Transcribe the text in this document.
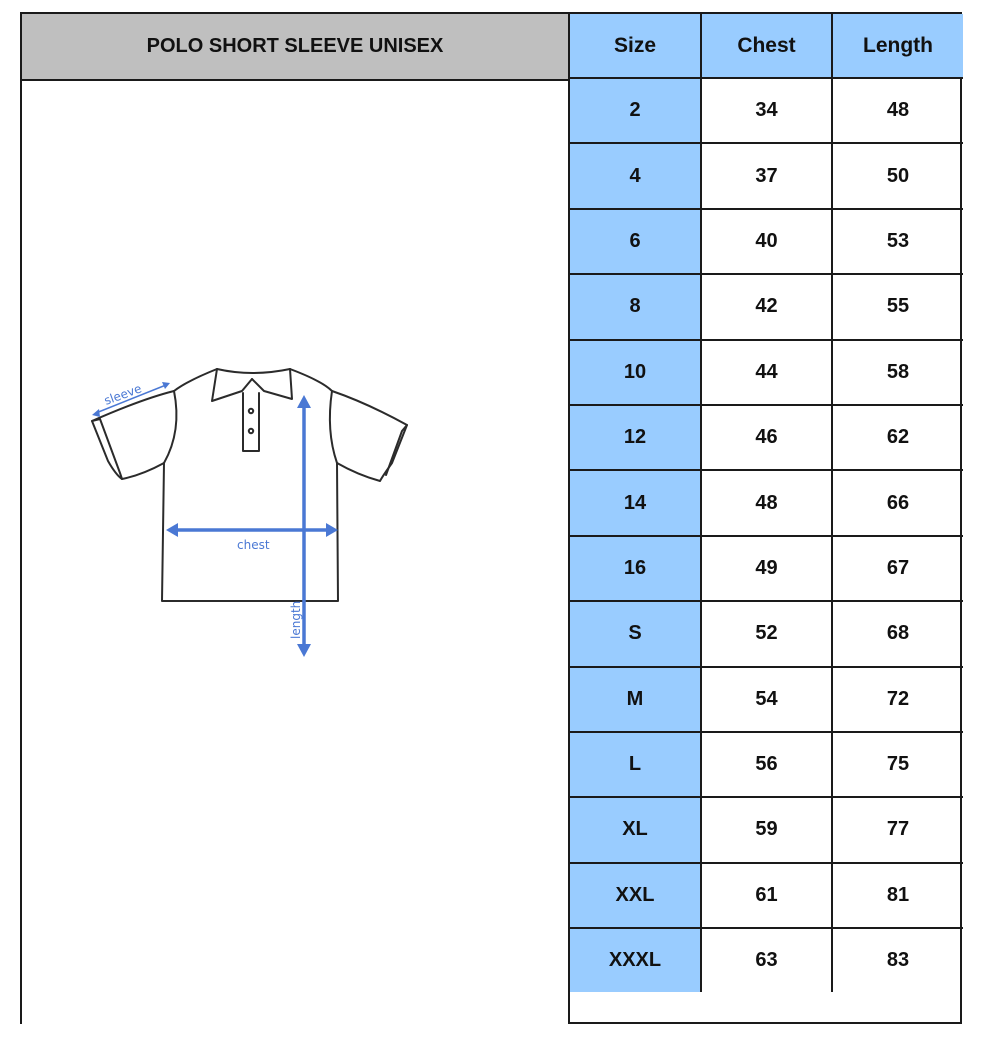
POLO SHORT SLEEVE UNISEX
sleeve
chest
length
Size	Chest	Length
2	34	48
4	37	50
6	40	53
8	42	55
10	44	58
12	46	62
14	48	66
16	49	67
S	52	68
M	54	72
L	56	75
XL	59	77
XXL	61	81
XXXL	63	83
